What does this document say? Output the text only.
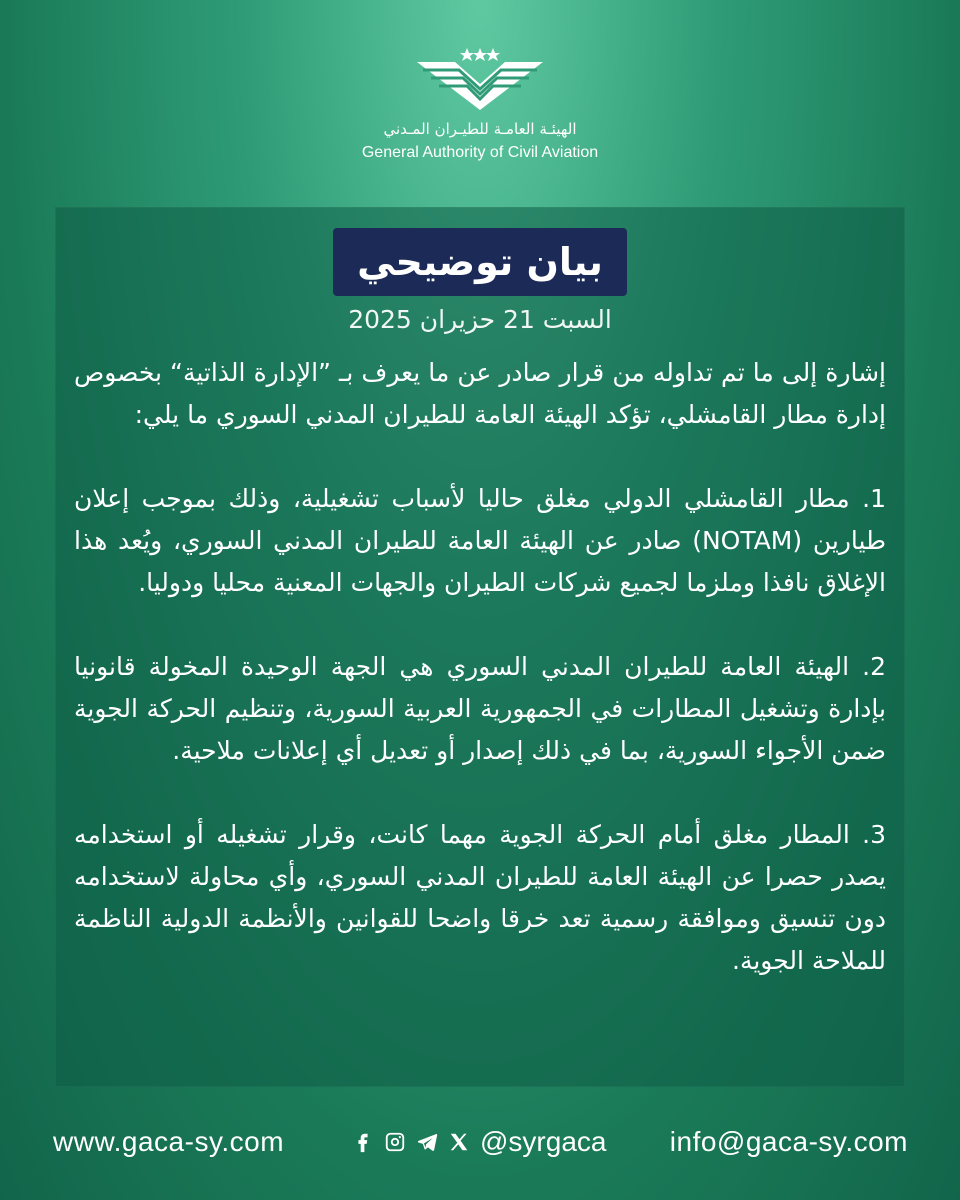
الهيئـة العامـة للطيـران المـدني
General Authority of Civil Aviation
بيان توضيحي
السبت 21 حزيران 2025

إشارة إلى ما تم تداوله من قرار صادر عن ما يعرف بـ ”الإدارة الذاتية“ بخصوص إدارة مطار القامشلي، تؤكد الهيئة العامة للطيران المدني السوري ما يلي:

1. مطار القامشلي الدولي مغلق حاليا لأسباب تشغيلية، وذلك بموجب إعلان طيارين (NOTAM) صادر عن الهيئة العامة للطيران المدني السوري، ويُعد هذا الإغلاق نافذا وملزما لجميع شركات الطيران والجهات المعنية محليا ودوليا.

2. الهيئة العامة للطيران المدني السوري هي الجهة الوحيدة المخولة قانونيا بإدارة وتشغيل المطارات في الجمهورية العربية السورية، وتنظيم الحركة الجوية ضمن الأجواء السورية، بما في ذلك إصدار أو تعديل أي إعلانات ملاحية.

3. المطار مغلق أمام الحركة الجوية مهما كانت، وقرار تشغيله أو استخدامه يصدر حصرا عن الهيئة العامة للطيران المدني السوري، وأي محاولة لاستخدامه دون تنسيق وموافقة رسمية تعد خرقا واضحا للقوانين والأنظمة الدولية الناظمة للملاحة الجوية.

www.gaca-sy.com	@syrgaca info@gaca-sy.com
